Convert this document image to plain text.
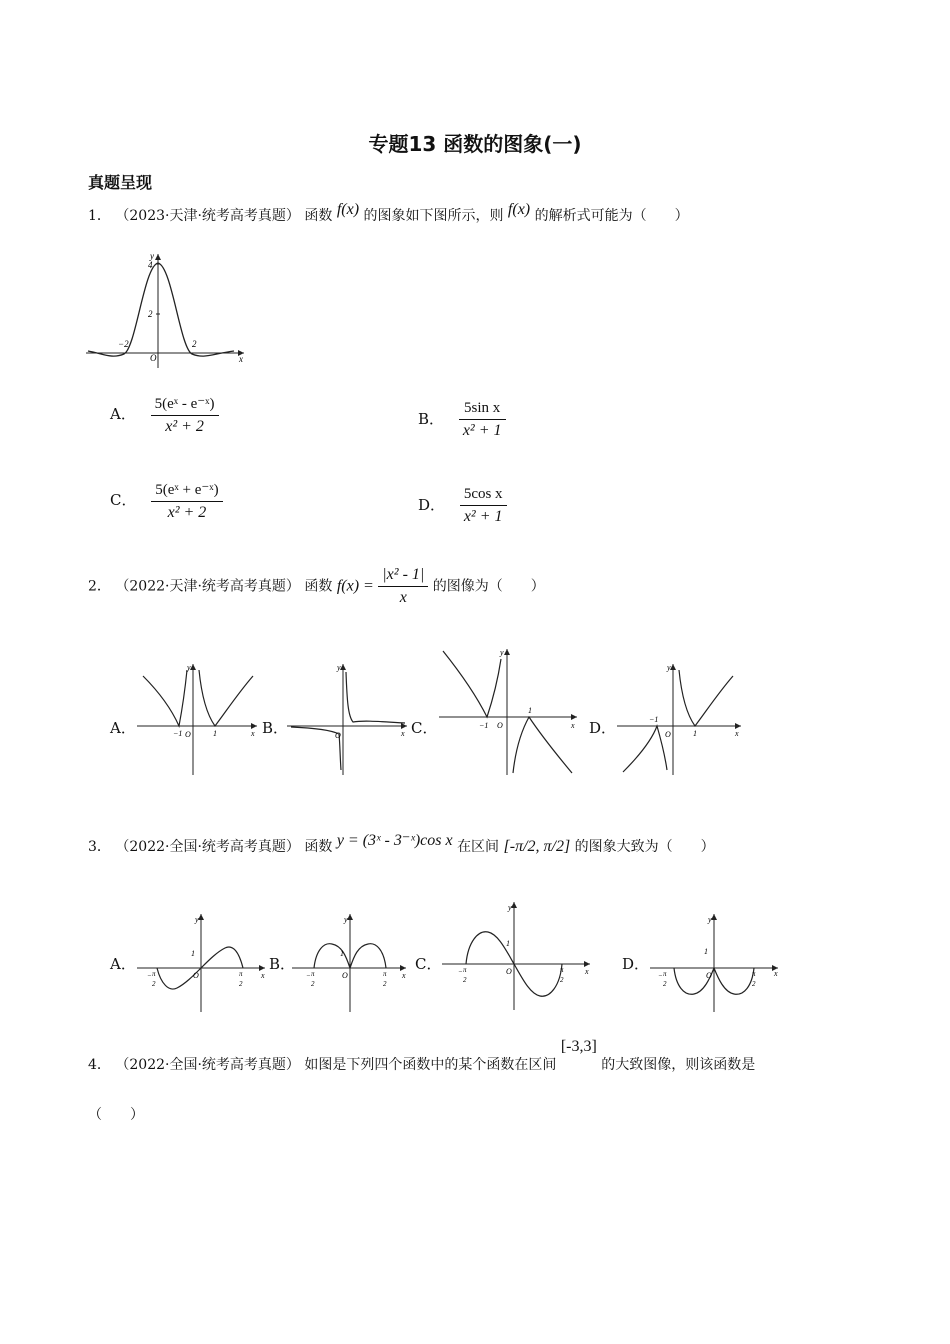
专题13 函数的图象(一)
真题呈现
1． （2023·天津·统考高考真题） 函数 f(x) 的图象如下图所示，则 f(x) 的解析式可能为（　　）
4
2
−2	2
O	x
y
A． $\frac{\text{5(eˣ - e⁻ˣ)}}{\text{x² + 2}}$	B． $\frac{\text{5sin x}}{\text{x² + 1}}$
C． $\frac{\text{5(eˣ + e⁻ˣ)}}{\text{x² + 2}}$	D． $\frac{\text{5cos x}}{\text{x² + 1}}$
2． （2022·天津·统考高考真题） 函数 $f(x) = \frac{\text{|x² - 1|}}{x}$ 的图像为（　　）
A．	−1	1
O	x
y
B．	O	x
y
C．	−1
1
O	x
y
D．	−1
1
O	x
y
3． （2022·全国·统考高考真题） 函数 y = (3ˣ - 3⁻ˣ)cos x 在区间 [-π/2, π/2] 的图象大致为（　　）
A．
1
O	x
y
− π
2
π
2
B．
1
O	x
y
− π
2
π
2
C．
1
O	x
y
− π
2
π
2
D．
1
O	x
y
− π
2
π
2
4． （2022·全国·统考高考真题） 如图是下列四个函数中的某个函数在区间 [-3,3] 的大致图像，则该函数是
（　　）
